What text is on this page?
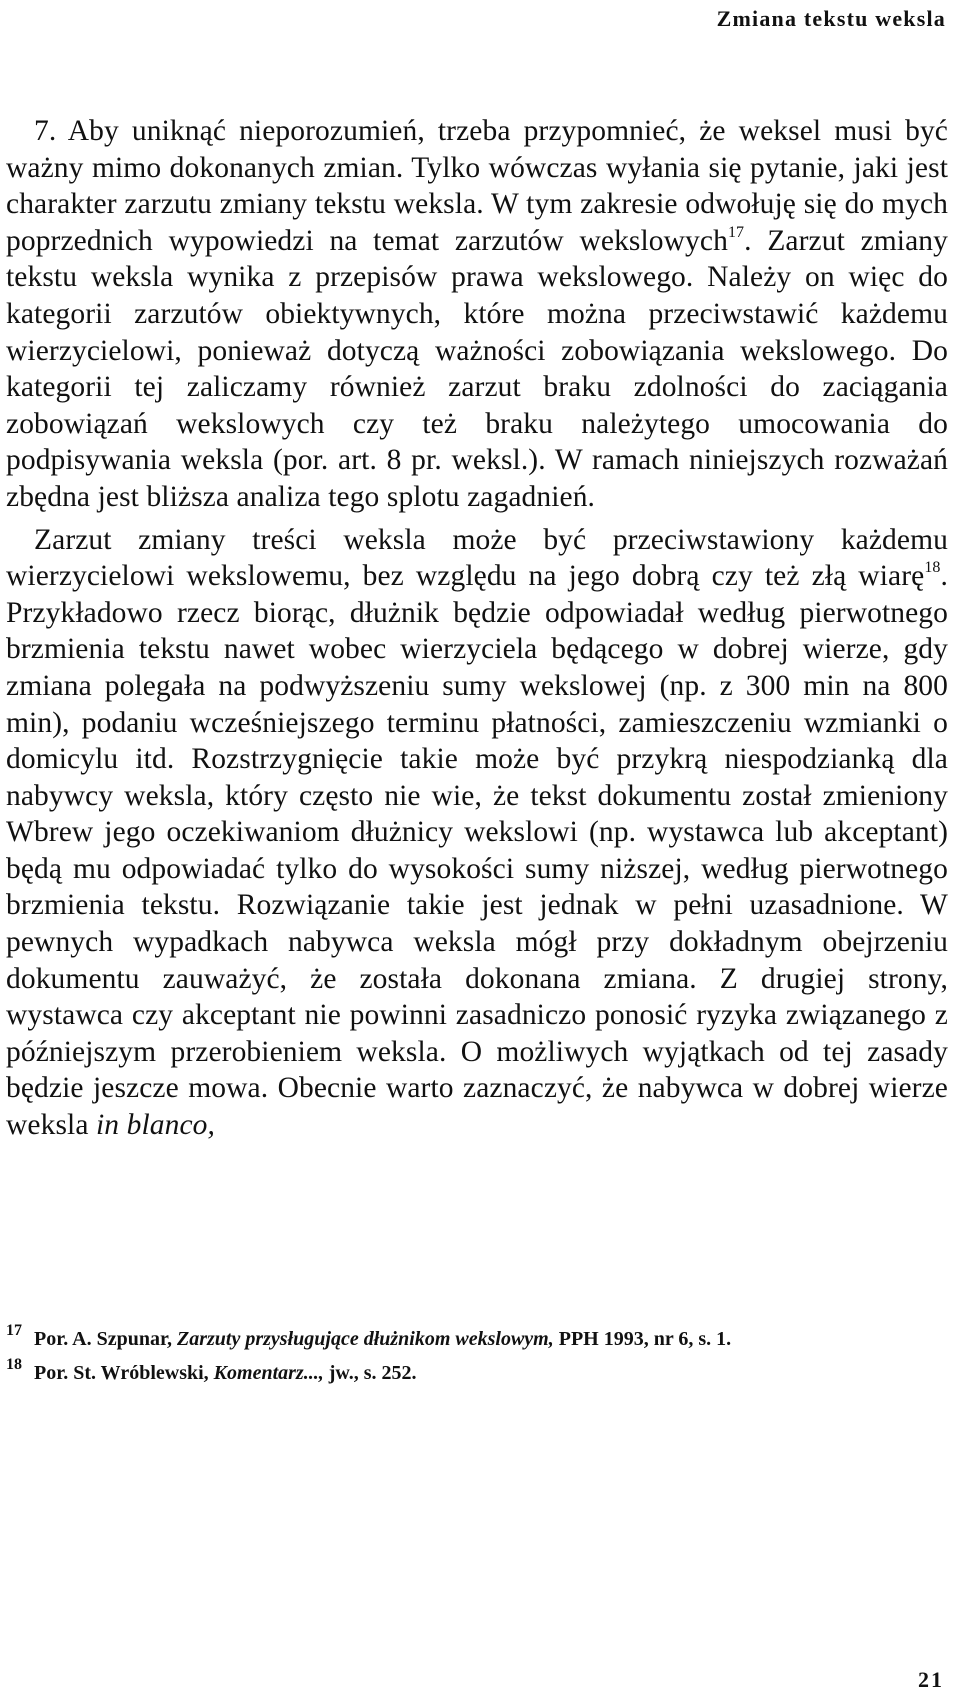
Zmiana tekstu weksla

7. Aby uniknąć nieporozumień, trzeba przypomnieć, że weksel musi być ważny mimo dokonanych zmian. Tylko wówczas wyłania się pytanie, jaki jest charakter zarzutu zmiany tekstu weksla. W tym zakresie odwołuję się do mych poprzednich wypowiedzi na temat zarzutów wekslowych$^{17}$. Zarzut zmiany tekstu weksla wynika z przepisów prawa wekslowego. Należy on więc do kategorii zarzutów obiektywnych, które można przeciwstawić każdemu wierzycielowi, ponieważ dotyczą ważności zobowiązania wekslowego. Do kategorii tej zaliczamy również zarzut braku zdolności do zaciągania zobowiązań wekslowych czy też braku należytego umocowania do podpisywania weksla (por. art. 8 pr. weksl.). W ramach niniejszych rozważań zbędna jest bliższa analiza tego splotu zagadnień.

Zarzut zmiany treści weksla może być przeciwstawiony każdemu wierzycielowi wekslowemu, bez względu na jego dobrą czy też złą wiarę$^{18}$. Przykładowo rzecz biorąc, dłużnik będzie odpowiadał według pierwotnego brzmienia tekstu nawet wobec wierzyciela będącego w dobrej wierze, gdy zmiana polegała na podwyższeniu sumy wekslowej (np. z 300 min na 800 min), podaniu wcześniejszego terminu płatności, zamieszczeniu wzmianki o domicylu itd. Rozstrzygnięcie takie może być przykrą niespodzianką dla nabywcy weksla, który często nie wie, że tekst dokumentu został zmieniony Wbrew jego oczekiwaniom dłużnicy wekslowi (np. wystawca lub akceptant) będą mu odpowiadać tylko do wysokości sumy niższej, według pierwotnego brzmienia tekstu. Rozwiązanie takie jest jednak w pełni uzasadnione. W pewnych wypadkach nabywca weksla mógł przy dokładnym obejrzeniu dokumentu zauważyć, że została dokonana zmiana. Z drugiej strony, wystawca czy akceptant nie powinni zasadniczo ponosić ryzyka związanego z późniejszym przerobieniem weksla. O możliwych wyjątkach od tej zasady będzie jeszcze mowa. Obecnie warto zaznaczyć, że nabywca w dobrej wierze weksla in blanco,

17 Por. A. Szpunar, Zarzuty przysługujące dłużnikom wekslowym, PPH 1993, nr 6, s. 1.
18 Por. St. Wróblewski, Komentarz..., jw., s. 252.
21
